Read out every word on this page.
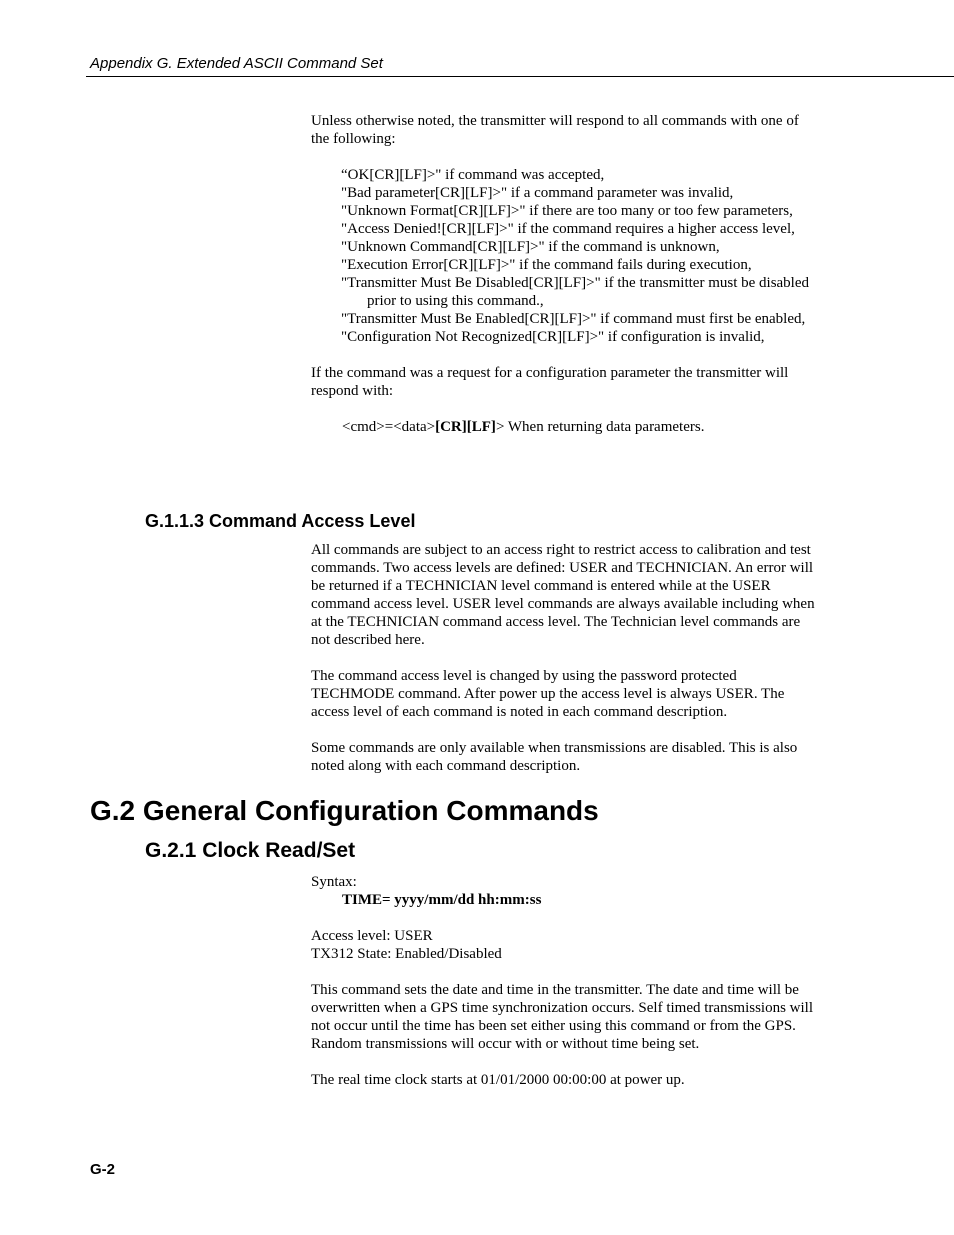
Appendix G. Extended ASCII Command Set

Unless otherwise noted, the transmitter will respond to all commands with one of the following:

“OK[CR][LF]>" if command was accepted,

"Bad parameter[CR][LF]>" if a command parameter was invalid,

"Unknown Format[CR][LF]>" if there are too many or too few parameters,

"Access Denied![CR][LF]>" if the command requires a higher access level,

"Unknown Command[CR][LF]>" if the command is unknown,

"Execution Error[CR][LF]>" if the command fails during execution,

"Transmitter Must Be Disabled[CR][LF]>" if the transmitter must be disabled prior to using this command.,

"Transmitter Must Be Enabled[CR][LF]>" if command must first be enabled,

"Configuration Not Recognized[CR][LF]>" if configuration is invalid,

If the command was a request for a configuration parameter the transmitter will respond with:

<cmd>=<data>[CR][LF]> When returning data parameters.

G.1.1.3 Command Access Level

All commands are subject to an access right to restrict access to calibration and test commands. Two access levels are defined: USER and TECHNICIAN. An error will be returned if a TECHNICIAN level command is entered while at the USER command access level. USER level commands are always available including when at the TECHNICIAN command access level. The Technician level commands are not described here.

The command access level is changed by using the password protected TECHMODE command. After power up the access level is always USER. The access level of each command is noted in each command description.

Some commands are only available when transmissions are disabled. This is also noted along with each command description.

G.2 General Configuration Commands
G.2.1 Clock Read/Set

Syntax:

TIME= yyyy/mm/dd hh:mm:ss

Access level: USER

TX312 State: Enabled/Disabled

This command sets the date and time in the transmitter. The date and time will be overwritten when a GPS time synchronization occurs. Self timed transmissions will not occur until the time has been set either using this command or from the GPS. Random transmissions will occur with or without time being set.

The real time clock starts at 01/01/2000 00:00:00 at power up.

G-2
